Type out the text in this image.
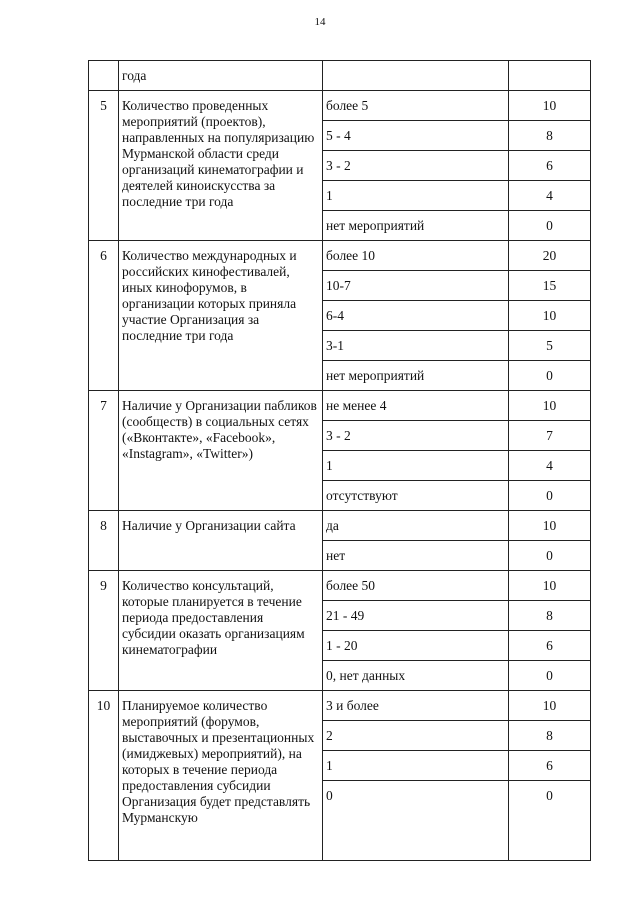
14
	года		
5	Количество проведенных мероприятий (проектов), направленных на популяризацию Мурманской области среди организаций кинематографии и деятелей киноискусства за последние три года	более 5	10
		5 - 4	8
		3 - 2	6
		1	4
		нет мероприятий	0
6	Количество международных и российских кинофестивалей, иных кинофорумов, в организации которых приняла участие Организация за последние три года	более 10	20
		10-7	15
		6-4	10
		3-1	5
		нет мероприятий	0
7	Наличие у Организации пабликов (сообществ) в социальных сетях («Вконтакте», «Facebook», «Instagram», «Twitter»)	не менее 4	10
		3 - 2	7
		1	4
		отсутствуют	0
8	Наличие у Организации сайта	да	10
		нет	0
9	Количество консультаций, которые планируется в течение периода предоставления субсидии оказать организациям кинематографии	более 50	10
		21 - 49	8
		1 - 20	6
		0, нет данных	0
10	Планируемое количество мероприятий (форумов, выставочных и презентационных (имиджевых) мероприятий), на которых в течение периода предоставления субсидии Организация будет представлять Мурманскую	3 и более	10
		2	8
		1	6
		0	0
